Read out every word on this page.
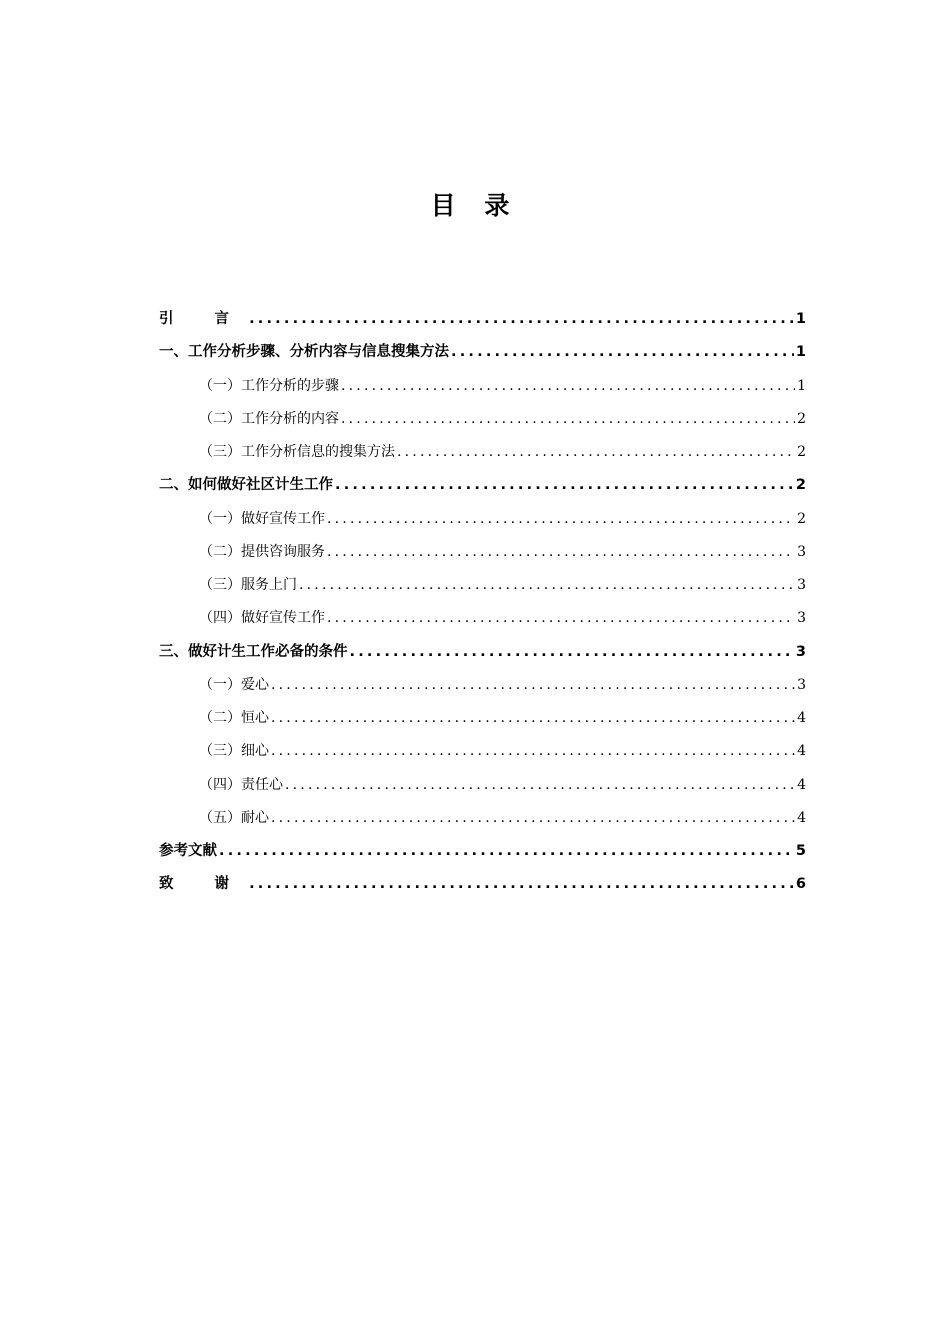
目 录
引 言 .....	1
一、工作分析步骤、分析内容与信息搜集方法 .....	1
（一）工作分析的步骤 .....	1
（二）工作分析的内容 .....	2
（三）工作分析信息的搜集方法 .....	2
二、如何做好社区计生工作 .....	2
（一）做好宣传工作 .....	2
（二）提供咨询服务 .....	3
（三）服务上门 .....	3
（四）做好宣传工作 .....	3
三、做好计生工作必备的条件 .....	3
（一）爱心 .....	3
（二）恒心 .....	4
（三）细心 .....	4
（四）责任心 .....	4
（五）耐心 .....	4
参考文献 .....	5
致 谢 .....	6
